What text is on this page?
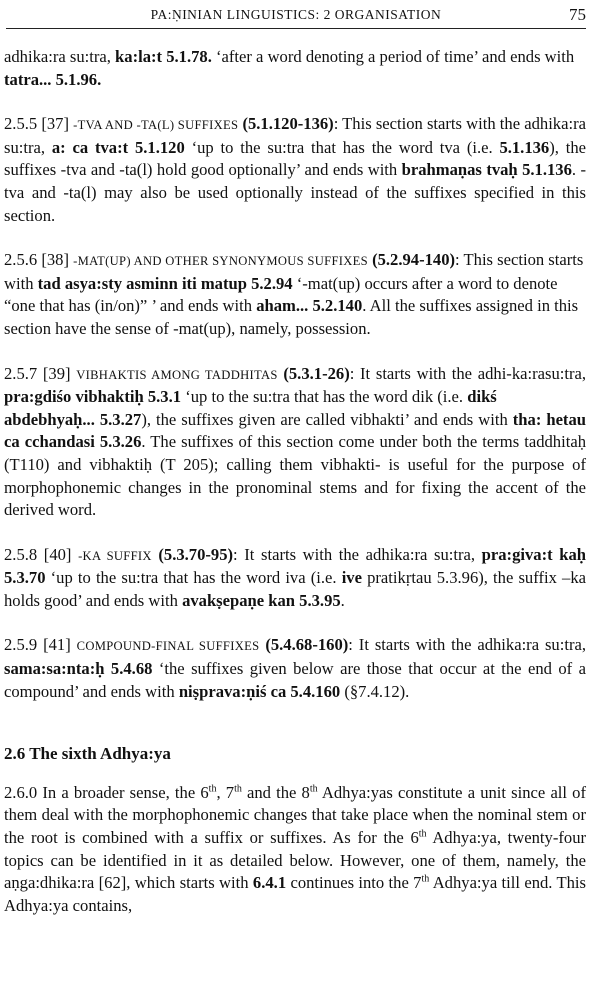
PA:ṆINIAN LINGUISTICS: 2 ORGANISATION	75

adhika:ra su:tra, ka:la:t 5.1.78. ‘after a word denoting a period of time’ and ends with tatra... 5.1.96.

2.5.5 [37] -TVA AND -TA(L) SUFFIXES (5.1.120-136): This section starts with the adhika:ra su:tra, a: ca tva:t 5.1.120 ‘up to the su:tra that has the word tva (i.e. 5.1.136), the suffixes -tva and -ta(l) hold good optionally’ and ends with brahmaṇas tvaḥ 5.1.136. -tva and -ta(l) may also be used optionally instead of the suffixes specified in this section.

2.5.6 [38] -MAT(UP) AND OTHER SYNONYMOUS SUFFIXES (5.2.94-140): This section starts with tad asya:sty asminn iti matup 5.2.94 ‘-mat(up) occurs after a word to denote “one that has (in/on)” ’ and ends with aham... 5.2.140. All the suffixes assigned in this section have the sense of -mat(up), namely, possession.

2.5.7 [39] VIBHAKTIS AMONG TADDHITAS (5.3.1-26): It starts with the adhi-ka:rasu:tra, pra:gdiśo vibhaktiḥ 5.3.1 ‘up to the su:tra that has the word dik (i.e. dikś
abdebhyaḥ... 5.3.27), the suffixes given are called vibhakti’ and ends with tha: hetau ca cchandasi 5.3.26. The suffixes of this section come under both the terms taddhitaḥ (T110) and vibhaktiḥ (T 205); calling them vibhakti- is useful for the purpose of morphophonemic changes in the pronominal stems and for fixing the accent of the derived word.

2.5.8 [40] -KA SUFFIX (5.3.70-95): It starts with the adhika:ra su:tra, pra:giva:t kaḥ 5.3.70 ‘up to the su:tra that has the word iva (i.e. ive pratikṛtau 5.3.96), the suffix –ka holds good’ and ends with avakṣepaṇe kan 5.3.95.

2.5.9 [41] COMPOUND-FINAL SUFFIXES (5.4.68-160): It starts with the adhika:ra su:tra, sama:sa:nta:ḥ 5.4.68 ‘the suffixes given below are those that occur at the end of a compound’ and ends with niṣprava:ṇiś ca 5.4.160 (§7.4.12).

2.6 The sixth Adhya:ya

2.6.0 In a broader sense, the 6th, 7th and the 8th Adhya:yas constitute a unit since all of them deal with the morphophonemic changes that take place when the nominal stem or the root is combined with a suffix or suffixes. As for the 6th Adhya:ya, twenty-four topics can be identified in it as detailed below. However, one of them, namely, the aṇga:dhika:ra [62], which starts with 6.4.1 continues into the 7th Adhya:ya till end. This Adhya:ya contains,
